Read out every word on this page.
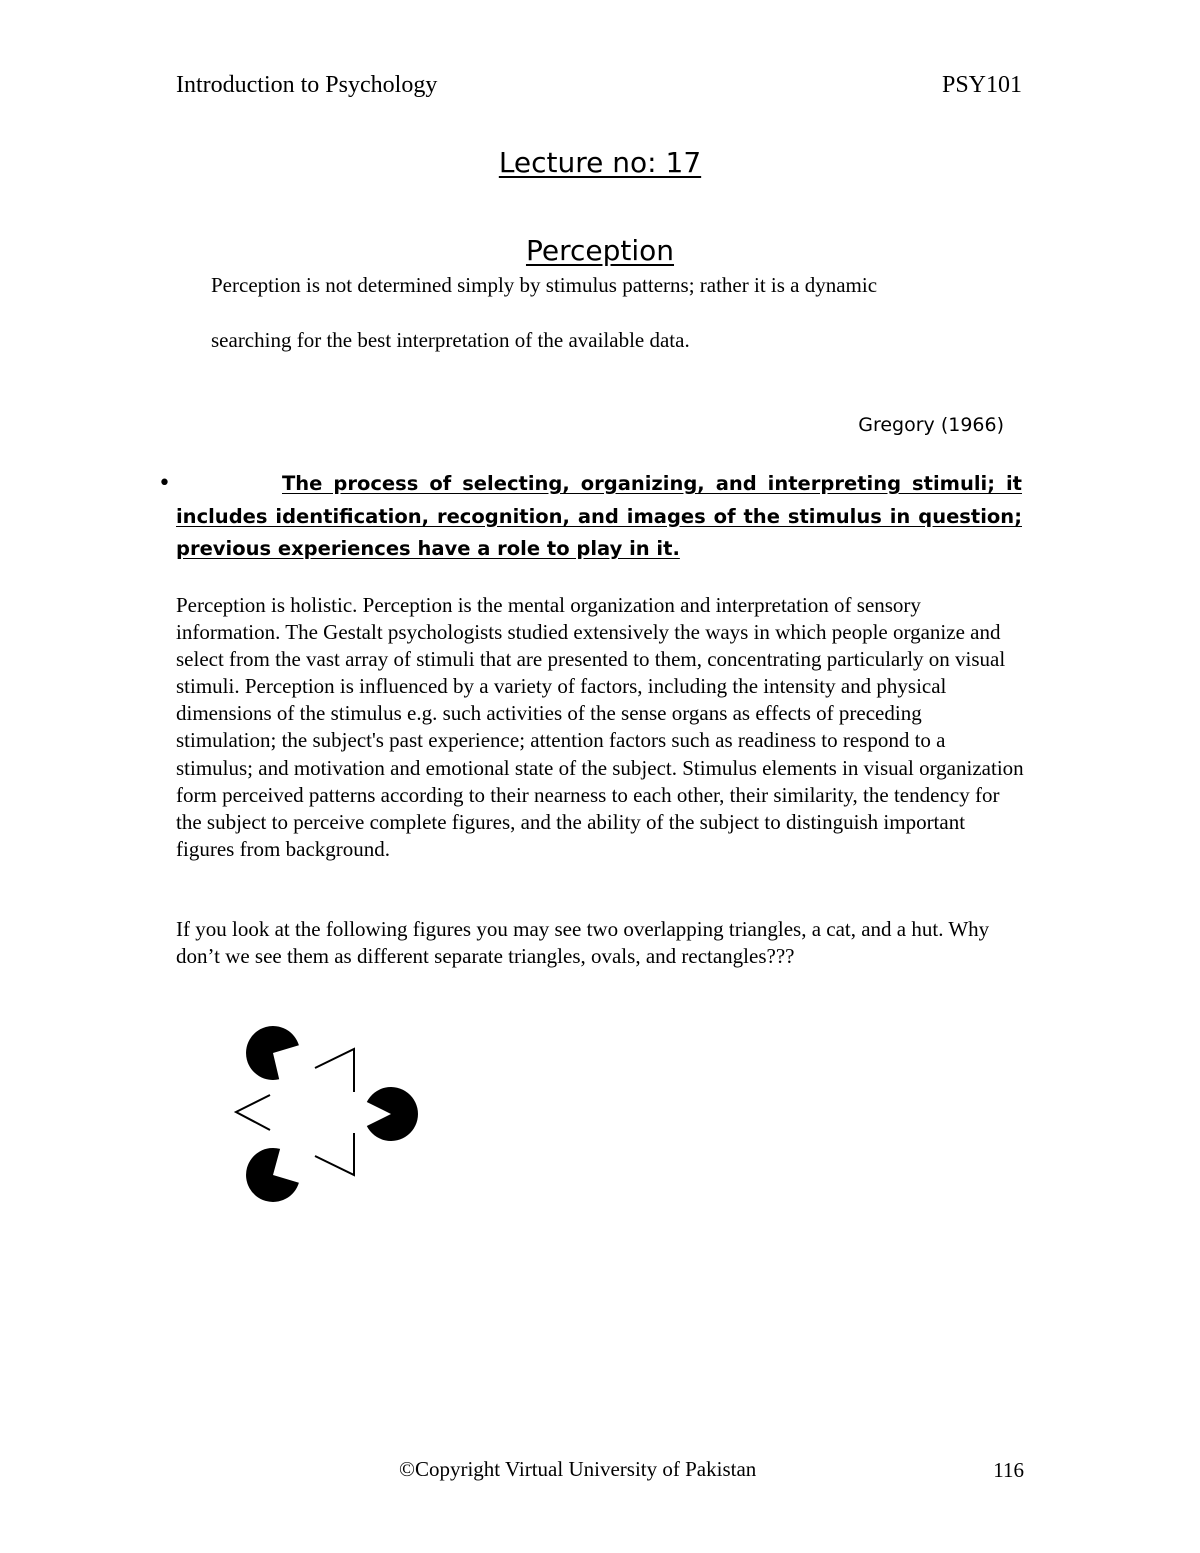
Introduction to Psychology	PSY101
Lecture no: 17
Perception
Perception is not determined simply by stimulus patterns; rather it is a dynamic
searching for the best interpretation of the available data.
Gregory (1966)
•	The process of selecting, organizing, and interpreting stimuli; it includes identification, recognition, and images of the stimulus in question; previous experiences have a role to play in it.
Perception is holistic. Perception is the mental organization and interpretation of sensory information. The Gestalt psychologists studied extensively the ways in which people organize and select from the vast array of stimuli that are presented to them, concentrating particularly on visual stimuli. Perception is influenced by a variety of factors, including the intensity and physical dimensions of the stimulus e.g. such activities of the sense organs as effects of preceding stimulation; the subject's past experience; attention factors such as readiness to respond to a stimulus; and motivation and emotional state of the subject. Stimulus elements in visual organization form perceived patterns according to their nearness to each other, their similarity, the tendency for the subject to perceive complete figures, and the ability of the subject to distinguish important figures from background.
If you look at the following figures you may see two overlapping triangles, a cat, and a hut. Why don’t we see them as different separate triangles, ovals, and rectangles???
©Copyright Virtual University of Pakistan	116
